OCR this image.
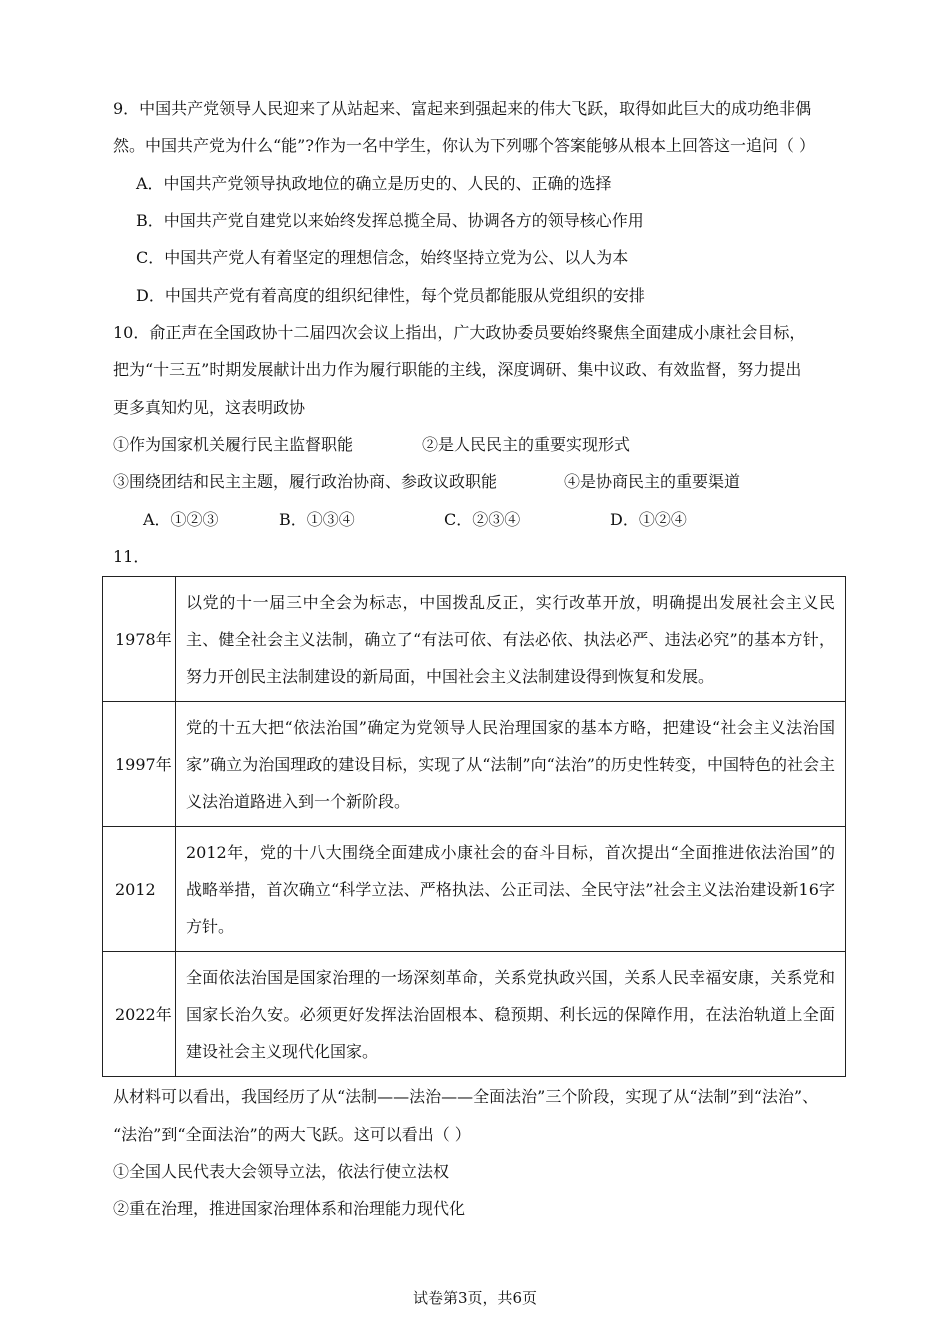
9．中国共产党领导人民迎来了从站起来、富起来到强起来的伟大飞跃，取得如此巨大的成功绝非偶
然。中国共产党为什么“能”?作为一名中学生，你认为下列哪个答案能够从根本上回答这一追问（ ）
A．中国共产党领导执政地位的确立是历史的、人民的、正确的选择
B．中国共产党自建党以来始终发挥总揽全局、协调各方的领导核心作用
C．中国共产党人有着坚定的理想信念，始终坚持立党为公、以人为本
D．中国共产党有着高度的组织纪律性，每个党员都能服从党组织的安排
10．俞正声在全国政协十二届四次会议上指出，广大政协委员要始终聚焦全面建成小康社会目标，
把为“十三五”时期发展献计出力作为履行职能的主线，深度调研、集中议政、有效监督，努力提出
更多真知灼见，这表明政协
①作为国家机关履行民主监督职能	②是人民民主的重要实现形式
③围绕团结和民主主题，履行政治协商、参政议政职能	④是协商民主的重要渠道
A．①②③	B．①③④	C．②③④	D．①②④
11．
1978年	以党的十一届三中全会为标志，中国拨乱反正，实行改革开放，明确提出发展社会主义民主、健全社会主义法制，确立了“有法可依、有法必依、执法必严、违法必究”的基本方针，努力开创民主法制建设的新局面，中国社会主义法制建设得到恢复和发展。
1997年	党的十五大把“依法治国”确定为党领导人民治理国家的基本方略，把建设“社会主义法治国家”确立为治国理政的建设目标，实现了从“法制”向“法治”的历史性转变，中国特色的社会主义法治道路进入到一个新阶段。
2012	2012年，党的十八大围绕全面建成小康社会的奋斗目标，首次提出“全面推进依法治国”的战略举措，首次确立“科学立法、严格执法、公正司法、全民守法”社会主义法治建设新16字方针。
2022年	全面依法治国是国家治理的一场深刻革命，关系党执政兴国，关系人民幸福安康，关系党和国家长治久安。必须更好发挥法治固根本、稳预期、利长远的保障作用，在法治轨道上全面建设社会主义现代化国家。
从材料可以看出，我国经历了从“法制——法治——全面法治”三个阶段，实现了从“法制”到“法治”、
“法治”到“全面法治”的两大飞跃。这可以看出（ ）
①全国人民代表大会领导立法，依法行使立法权
②重在治理，推进国家治理体系和治理能力现代化
试卷第3页，共6页
